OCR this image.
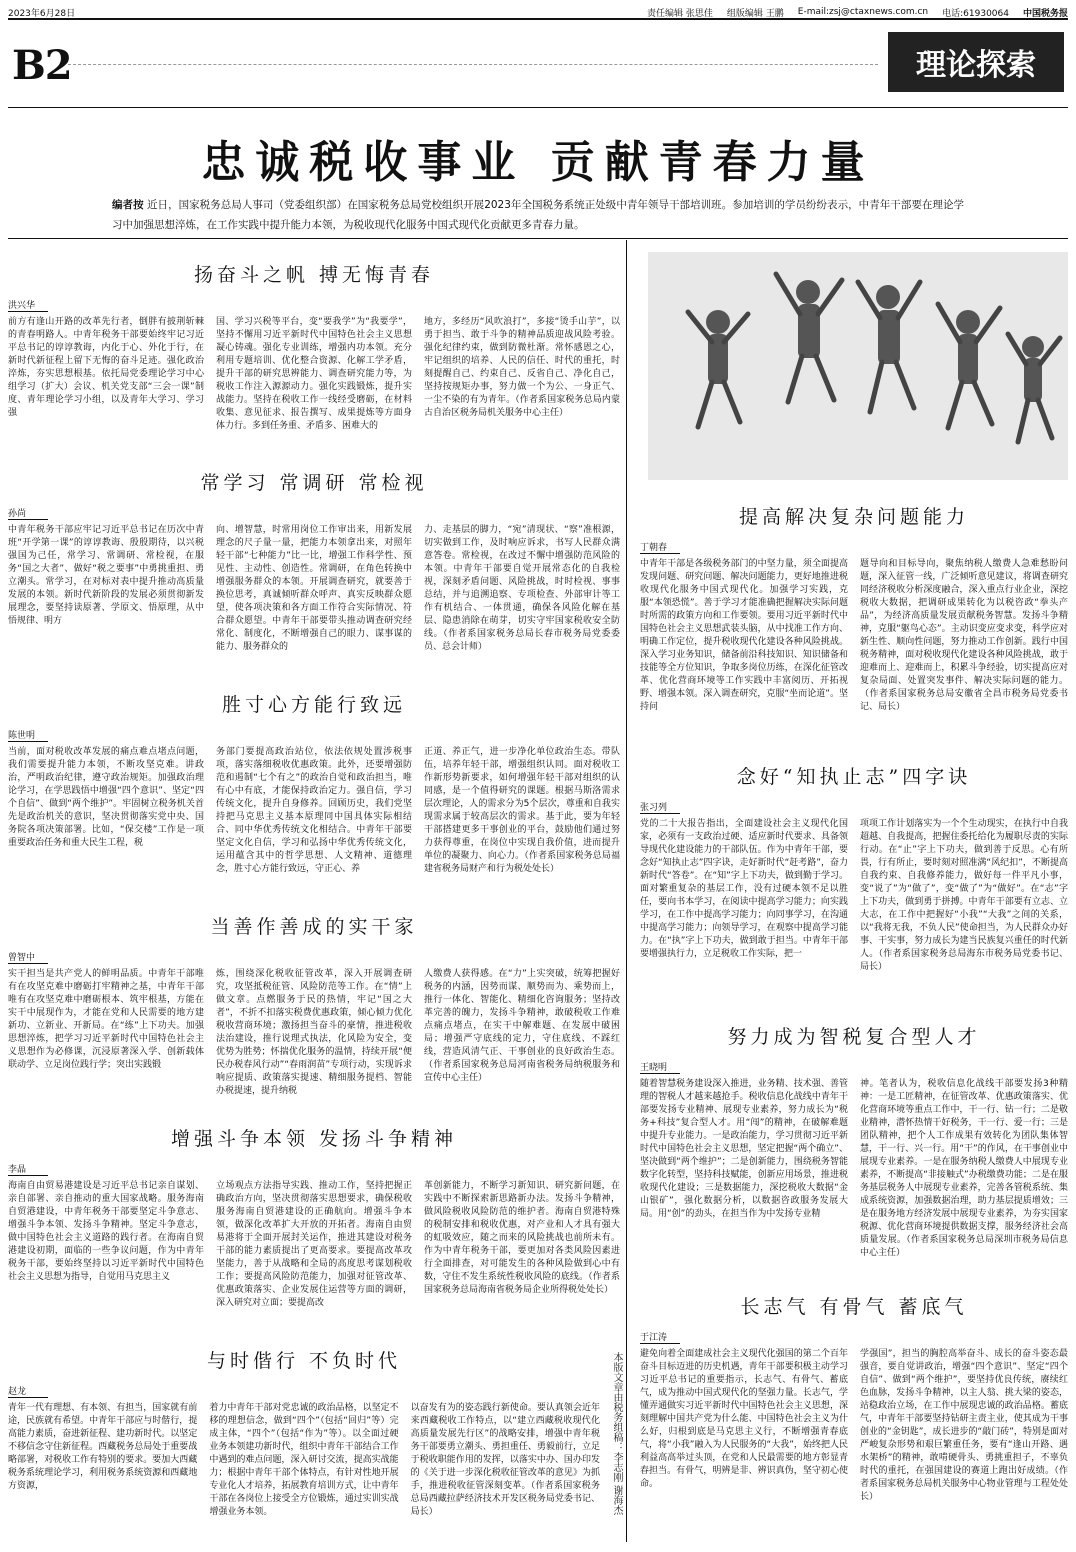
2023年6月28日	责任编辑 张思佳 组版编辑 王鹏 E-mail:zsj@ctaxnews.com.cn 电话:61930064 中国税务报
B2	理论探索
忠诚税收事业 贡献青春力量
编者按 近日，国家税务总局人事司（党委组织部）在国家税务总局党校组织开展2023年全国税务系统正处级中青年领导干部培训班。参加培训的学员纷纷表示，中青年干部要在理论学习中加强思想淬炼，在工作实践中提升能力本领，为税收现代化服务中国式现代化贡献更多青春力量。
本版文章由税务组稿：李志刚 谢海杰
扬奋斗之帆 搏无悔青春
洪兴华
前方有逢山开路的改革先行者，倒胖有披荆斩棘的青春明路人。中青年税务干部要始终牢记习近平总书记的谆谆教诲，内化于心、外化于行，在新时代新征程上留下无悔的奋斗足迹。强化政治淬炼，夯实思想根基。依托局党委理论学习中心组学习（扩大）会议、机关党支部“三会一课”制度、青年理论学习小组，以及青年大学习、学习强
国、学习兴税等平台，变“要我学”为“我要学”，坚持不懈用习近平新时代中国特色社会主义思想凝心铸魂。强化专业训练，增强内功本领。充分利用专题培训、优化整合资源、化解工学矛盾，提升干部的研究思辨能力、调查研究能力等，为税收工作注入源源动力。强化实践锻炼，提升实战能力。坚持在税收工作一线经受磨砺，在材料收集、意见征求、报告撰写、成果提炼等方面身体力行。多到任务重、矛盾多、困难大的
地方，多经历“风吹浪打”，多接“烫手山芋”，以勇于担当、敢于斗争的精神品质迎战风险考验。强化纪律约束，做到防微杜渐。常怀感恩之心，牢记组织的培养、人民的信任、时代的重托，时刻提醒自己、约束自己、反省自己、净化自己，坚持按规矩办事，努力做一个为公、一身正气、一尘不染的有为青年。（作者系国家税务总局内蒙古自治区税务局机关服务中心主任）
常学习 常调研 常检视
孙尚
中青年税务干部应牢记习近平总书记在历次中青班“开学第一课”的谆谆教诲、殷殷期待，以兴税强国为己任，常学习、常调研、常检视，在服务“国之大者”、做好“税之要事”中勇挑重担、勇立潮头。常学习，在对标对表中提升推动高质量发展的本领。新时代新阶段的发展必须贯彻新发展理念，要坚持读原著、学原文、悟原理，从中悟规律、明方
向、增智慧，时常用岗位工作审出来，用新发展理念的尺子量一量，把能力本领拿出来，对照年轻干部“七种能力”比一比，增强工作科学性、预见性、主动性、创造性。常调研，在角色转换中增强服务群众的本领。开展调查研究，就要善于换位思考，真诚倾听群众呼声、真实反映群众愿望，使各项决策和各方面工作符合实际情况、符合群众愿望。中青年干部要带头推动调查研究经常化、制度化，不断增强自己的眼力、谋事谋的能力、服务群众的
力、走基层的脚力，“宛”清现状、“察”准根源，切实做到工作，及时响应诉求，书写人民群众满意答卷。常检视，在改过不懈中增强防范风险的本领。中青年干部要自觉开展常态化的自我检视，深刻矛盾问题、风险挑战，时时检视、事事总结，并与追溯追察、专项检查、外部审计等工作有机结合、一体贯通，确保各风险化解在基层、隐患消除在萌芽，切实守牢国家税收安全防线。（作者系国家税务总局长春市税务局党委委员、总会计师）
胜寸心方能行致远
陈世明
当前，面对税收改革发展的痛点难点堵点问题，我们需要提升能力本领，不断攻坚克难。讲政治，严明政治纪律，遵守政治规矩。加强政治理论学习，在学思践悟中增强“四个意识”、坚定“四个自信”、做到“两个维护”。牢固树立税务机关首先是政治机关的意识，坚决贯彻落实党中央、国务院各项决策部署。比如，“保交楼”工作是一项重要政治任务和重大民生工程，税
务部门要提高政治站位，依法依规处置涉税事项，落实落细税收优惠政策。此外，还要增强防范和遏制“七个有之”的政治自觉和政治担当，唯有心中有底，才能保持政治定力。强自信，学习传统文化，提升自身修养。回顾历史，我们党坚持把马克思主义基本原理同中国具体实际相结合、同中华优秀传统文化相结合。中青年干部要坚定文化自信，学习和弘扬中华优秀传统文化，运用蕴含其中的哲学思想、人文精神、道德理念，胜寸心方能行致远，守正心、养
正道、养正气，进一步净化单位政治生态。带队伍，培养年轻干部，增强组织认同。面对税收工作新形势新要求，如何增强年轻干部对组织的认同感，是一个值得研究的课题。根据马斯洛需求层次理论，人的需求分为5个层次，尊重和自我实现需求属于较高层次的需求。基于此，要为年轻干部搭建更多干事创业的平台，鼓励他们通过努力获得尊重，在岗位中实现自我价值，进而提升单位的凝聚力、向心力。（作者系国家税务总局福建省税务局财产和行为税处处长）
当善作善成的实干家
曾智中
实干担当是共产党人的鲜明品质。中青年干部唯有在攻坚克难中磨砺打牢精神之基，中青年干部唯有在攻坚克难中磨砺根本、筑牢根基，方能在实干中展现作为，才能在党和人民需要的地方建新功、立新业、开新局。在“练”上下功夫。加强思想淬炼，把学习习近平新时代中国特色社会主义思想作为必修课，沉浸原著深入学、创新载体联动学、立足岗位践行学；突出实践锻
炼，围绕深化税收征管改革，深入开展调查研究，攻坚抵税征管、风险防范等工作。在“情”上做文章。点燃服务于民的热情，牢记“国之大者”，不折不扣落实税费优惠政策，倾心倾力优化税收营商环境；激扬担当奋斗的豪情，推进税收法治建设，推行说理式执法，化风险为安全，变优势为胜势；怀揣优化服务的温情，持续开展“便民办税春风行动”“春雨润苗”专项行动，实现诉求响应提质、政策落实提速、精细服务提档、智能办税提速，提升纳税
人缴费人获得感。在“力”上实突破，统筹把握好税务的内涵，因势而谋、顺势而为、乘势而上，推行一体化、智能化、精细化咨询服务；坚持改革完善的魄力，发扬斗争精神，敢破税收工作难点痛点堵点，在实干中解难题、在发展中破困局；增强严守底线的定力，守住底线、不踩红线，营造风清气正、干事创业的良好政治生态。（作者系国家税务总局河南省税务局纳税服务和宣传中心主任）
增强斗争本领 发扬斗争精神
李晶
海南自由贸易港建设是习近平总书记亲自谋划、亲自部署、亲自推动的重大国家战略。服务海南自贸港建设，中青年税务干部要坚定斗争意志、增强斗争本领、发扬斗争精神。坚定斗争意志，做中国特色社会主义道路的践行者。在海南自贸港建设初期，面临的一些争议问题，作为中青年税务干部，要始终坚持以习近平新时代中国特色社会主义思想为指导，自觉用马克思主义
立场观点方法指导实践、推动工作，坚持把握正确政治方向，坚决贯彻落实思想要求，确保税收服务海南自贸港建设的正确航向。增强斗争本领，做深化改革扩大开放的开拓者。海南自由贸易港将于全面开展封关运作，推进其建设对税务干部的能力素质提出了更高要求。要提高改革攻坚能力，善于从战略和全局的高度思考谋划税收工作；要提高风险防范能力，加强对征管改革、优惠政策落实、企业发展住运营等方面的调研，深入研究对立面；要提高改
革创新能力，不断学习新知识、研究新问题，在实践中不断探索新思路新办法。发扬斗争精神，做风险税收风险防范的维护者。海南自贸港特殊的税制安排和税收优惠，对产业和人才具有强大的虹吸效应，随之而来的风险挑战也前所未有。作为中青年税务干部，要更加对各类风险因素进行全面排查，对可能发生的各种风险做到心中有数，守住不发生系统性税收风险的底线。（作者系国家税务总局海南省税务局企业所得税处处长）
与时偕行 不负时代
赵龙
青年一代有理想、有本领、有担当，国家就有前途，民族就有希望。中青年干部应与时偕行，提高能力素质，奋进新征程、建功新时代。以坚定不移信念守住新征程。西藏税务总局处于重要战略部署，对税收工作有特别的要求。要加大西藏税务系统理论学习，利用税务系统资源和西藏地方资源，
着力中青年干部对党忠诚的政治品格，以坚定不移的理想信念，做到“四个”（包括“回归”等）完成主体，“四个”（包括“作为”等）。以全面过硬业务本领建功新时代，组织中青年干部结合工作中遇到的难点问题，深入研讨交流，提高实战能力；根据中青年干部个体特点，有针对性地开展专业化人才培养，拓展教育培训方式，让中青年干部在各岗位上接受全方位锻炼，通过实训实战增强业务本领。
以奋发有为的姿态践行新使命。要认真领会近年来西藏税收工作特点，以“建立西藏税收现代化高质量发展先行区”的战略安排，增强中青年税务干部要勇立潮头、勇担重任、勇毅前行，立足于税收职能作用的发挥，以落实中办、国办印发的《关于进一步深化税收征管改革的意见》为抓手，推进税收征管深刻变革。（作者系国家税务总局西藏拉萨经济技术开发区税务局党委书记、局长）
提高解决复杂问题能力
丁朝春
中青年干部是各级税务部门的中坚力量，须全面提高发现问题、研究问题、解决问题能力，更好地推进税收现代化服务中国式现代化。加强学习实践，克服“本领恐慌”。善于学习才能准确把握解决实际问题时所需的政策方向和工作要领。要用习近平新时代中国特色社会主义思想武装头脑，从中找准工作方向、明确工作定位，提升税收现代化建设各种风险挑战。深入学习业务知识，储备前沿科技知识、知识储备和技能等全方位知识，争取多岗位历练，在深化征管改革、优化营商环境等工作实践中丰富阅历、开拓视野、增强本领。深入调查研究，克服“坐而论道”。坚持问
题导向和目标导向，聚焦纳税人缴费人急难愁盼问题，深入征管一线，广泛倾听意见建议，将调查研究同经济税收分析深度融合，深入重点行业企业，深挖税收大数据，把调研成果转化为以税咨政“拳头产品”，为经济高质量发展贡献税务智慧。发扬斗争精神，克服“躯鸟心态”。主动识变应变求变，科学应对新生性、顺向性问题，努力推动工作创新。践行中国税务精神，面对税收现代化建设各种风险挑战，敢于迎难而上、迎难而上，积累斗争经验，切实提高应对复杂局面、处置突发事件、解决实际问题的能力。（作者系国家税务总局安徽省全昌市税务局党委书记、局长）
念好“知执止志”四字诀
张习列
党的二十大报告指出，全面建设社会主义现代化国家，必须有一支政治过硬、适应新时代要求、具备领导现代化建设能力的干部队伍。作为中青年干部，要念好“知执止志”四字诀，走好新时代“赶考路”，奋力新时代“答卷”。在“知”字上下功夫，做到勤于学习。面对繁重复杂的基层工作，没有过硬本领不足以胜任，要向书本学习，在阅读中提高学习能力；向实践学习，在工作中提高学习能力；向同事学习，在沟通中提高学习能力；向领导学习，在观察中提高学习能力。在“执”字上下功夫，做到敢于担当。中青年干部要增强执行力，立足税收工作实际，把一
项项工作计划落实为一个个生动现实，在执行中自我超越、自我提高，把握住委托给化为履职尽责的实际行动。在“止”字上下功夫，做到善于反思。心有所畏，行有所止，要时刻对照准满“风纪扣”，不断提高自我约束、自我修养能力，做好每一件平凡小事，变“说了”为“做了”，变“做了”为“做好”。在“志”字上下功夫，做到勇于拼搏。中青年干部要有立志、立大志，在工作中把握好“小我”“大我”之间的关系，以“我将无我，不负人民”使命担当，为人民群众办好事、干实事，努力成长为建当民族复兴重任的时代新人。（作者系国家税务总局海东市税务局党委书记、局长）
努力成为智税复合型人才
王晓明
随着智慧税务建设深入推进，业务精、技术强、善管理的智税人才越来越抢手。税收信息化战线中青年干部要发扬专业精神、展现专业素养，努力成长为“税务+科技”复合型人才。用“闯”的精神，在破解难题中提升专业能力。一是政治能力，学习贯彻习近平新时代中国特色社会主义思想，坚定把握“两个确立”、坚决做到“两个维护”；二是创新能力，围绕税务智能数字化转型，坚持科技赋能，创新应用场景，推进税收现代化建设；三是数据能力，深挖税收大数据“金山银矿”，强化数据分析，以数据咨政服务发展大局。用“创”的劲头，在担当作为中发扬专业精
神。笔者认为，税收信息化战线干部要发扬3种精神：一是工匠精神，在征管改革、优惠政策落实、优化营商环境等重点工作中，干一行、钻一行；二是敬业精神，潜怀热情干好税务，干一行、爱一行；三是团队精神，把个人工作成果有效转化为团队集体智慧，干一行、兴一行。用“干”的作风，在干事创业中展现专业素养。一是在服务纳税人缴费人中展现专业素养，不断提高“非接触式”办税缴费功能；二是在服务基层税务人中展现专业素养，完善各管税系统、集成系统资源，加强数据治理，助力基层提质增效；三是在服务地方经济发展中展现专业素养，为夯实国家税源、优化营商环境提供数据支撑，服务经济社会高质量发展。（作者系国家税务总局深圳市税务局信息中心主任）
长志气 有骨气 蓄底气
于江涛
避免向着全面建成社会主义现代化强国的第二个百年奋斗目标迈进的历史机遇，青年干部要积极主动学习习近平总书记的重要指示，长志气、有骨气、蓄底气，成为推动中国式现代化的坚强力量。长志气，学懂弄通做实习近平新时代中国特色社会主义思想，深刻理解中国共产党为什么能、中国特色社会主义为什么好，归根到底是马克思主义行，不断增强青春底气，将“小我”融入为人民服务的“大我”，始终把人民利益高高举过头顶，在党和人民最需要的地方彰显青春担当。有骨气，明辨是非、辨识真伪，坚守初心使命。
学强国”，担当的胸腔高举奋斗、成长的奋斗姿态最强音，要自觉讲政治，增强“四个意识”、坚定“四个自信”、做到“两个维护”，要坚持优良传统，赓续红色血脉，发扬斗争精神，以主人翁、挑大梁的姿态，站稳政治立场，在工作中展现忠诚的政治品格。蓄底气，中青年干部要坚持钻研主责主业，使其成为干事创业的“金钥匙”，成长进步的“敲门砖”，特别是面对严峻复杂形势和艰巨繁重任务，要有“逢山开路、遇水架桥”的精神，敢啃硬骨头、勇挑重担子，不辜负时代的重托，在强国建设的赛道上跑出好成绩。（作者系国家税务总局机关服务中心物业管理与工程处处长）
